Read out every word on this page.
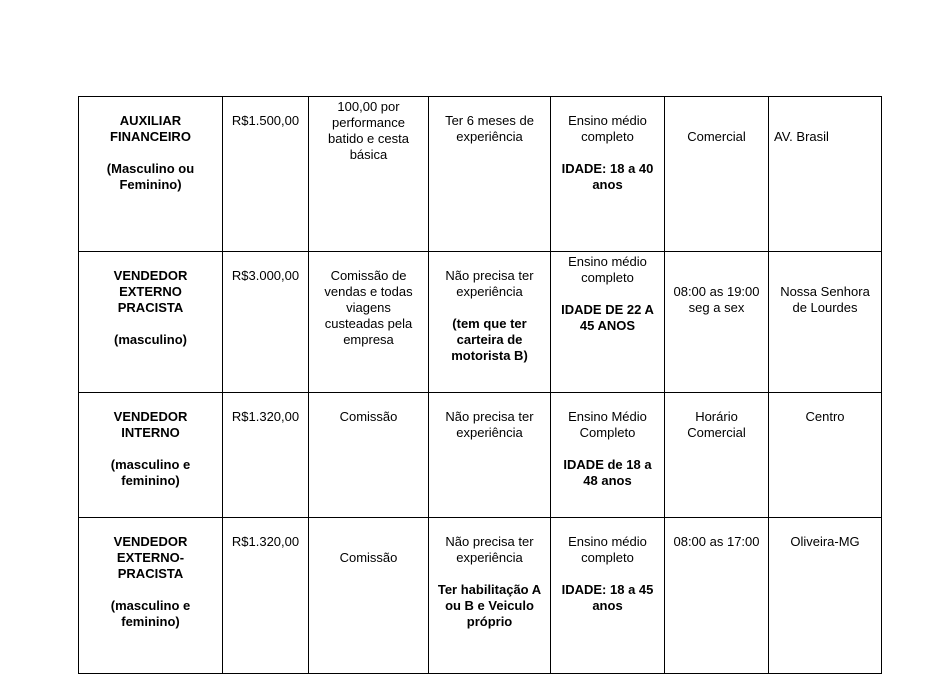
AUXILIAR
FINANCEIRO
(Masculino ou
Feminino)	R$1.500,00	100,00 por
performance
batido e cesta
básica	Ter 6 meses de
experiência	Ensino médio
completo
IDADE: 18 a 40
anos	Comercial	AV. Brasil

VENDEDOR
EXTERNO
PRACISTA
(masculino)	R$3.000,00	Comissão de
vendas e todas
viagens
custeadas pela
empresa	Não precisa ter
experiência
(tem que ter
carteira de
motorista B)	Ensino médio
completo
IDADE DE 22 A
45 ANOS	08:00 as 19:00
seg a sex	Nossa Senhora
de Lourdes

VENDEDOR
INTERNO
(masculino e
feminino)	R$1.320,00	Comissão	Não precisa ter
experiência	Ensino Médio
Completo
IDADE de 18 a
48 anos	Horário
Comercial	Centro

VENDEDOR
EXTERNO-
PRACISTA
(masculino e
feminino)	R$1.320,00	Comissão	Não precisa ter
experiência
Ter habilitação A
ou B e Veiculo
próprio	Ensino médio
completo
IDADE: 18 a 45
anos	08:00 as 17:00	Oliveira-MG
